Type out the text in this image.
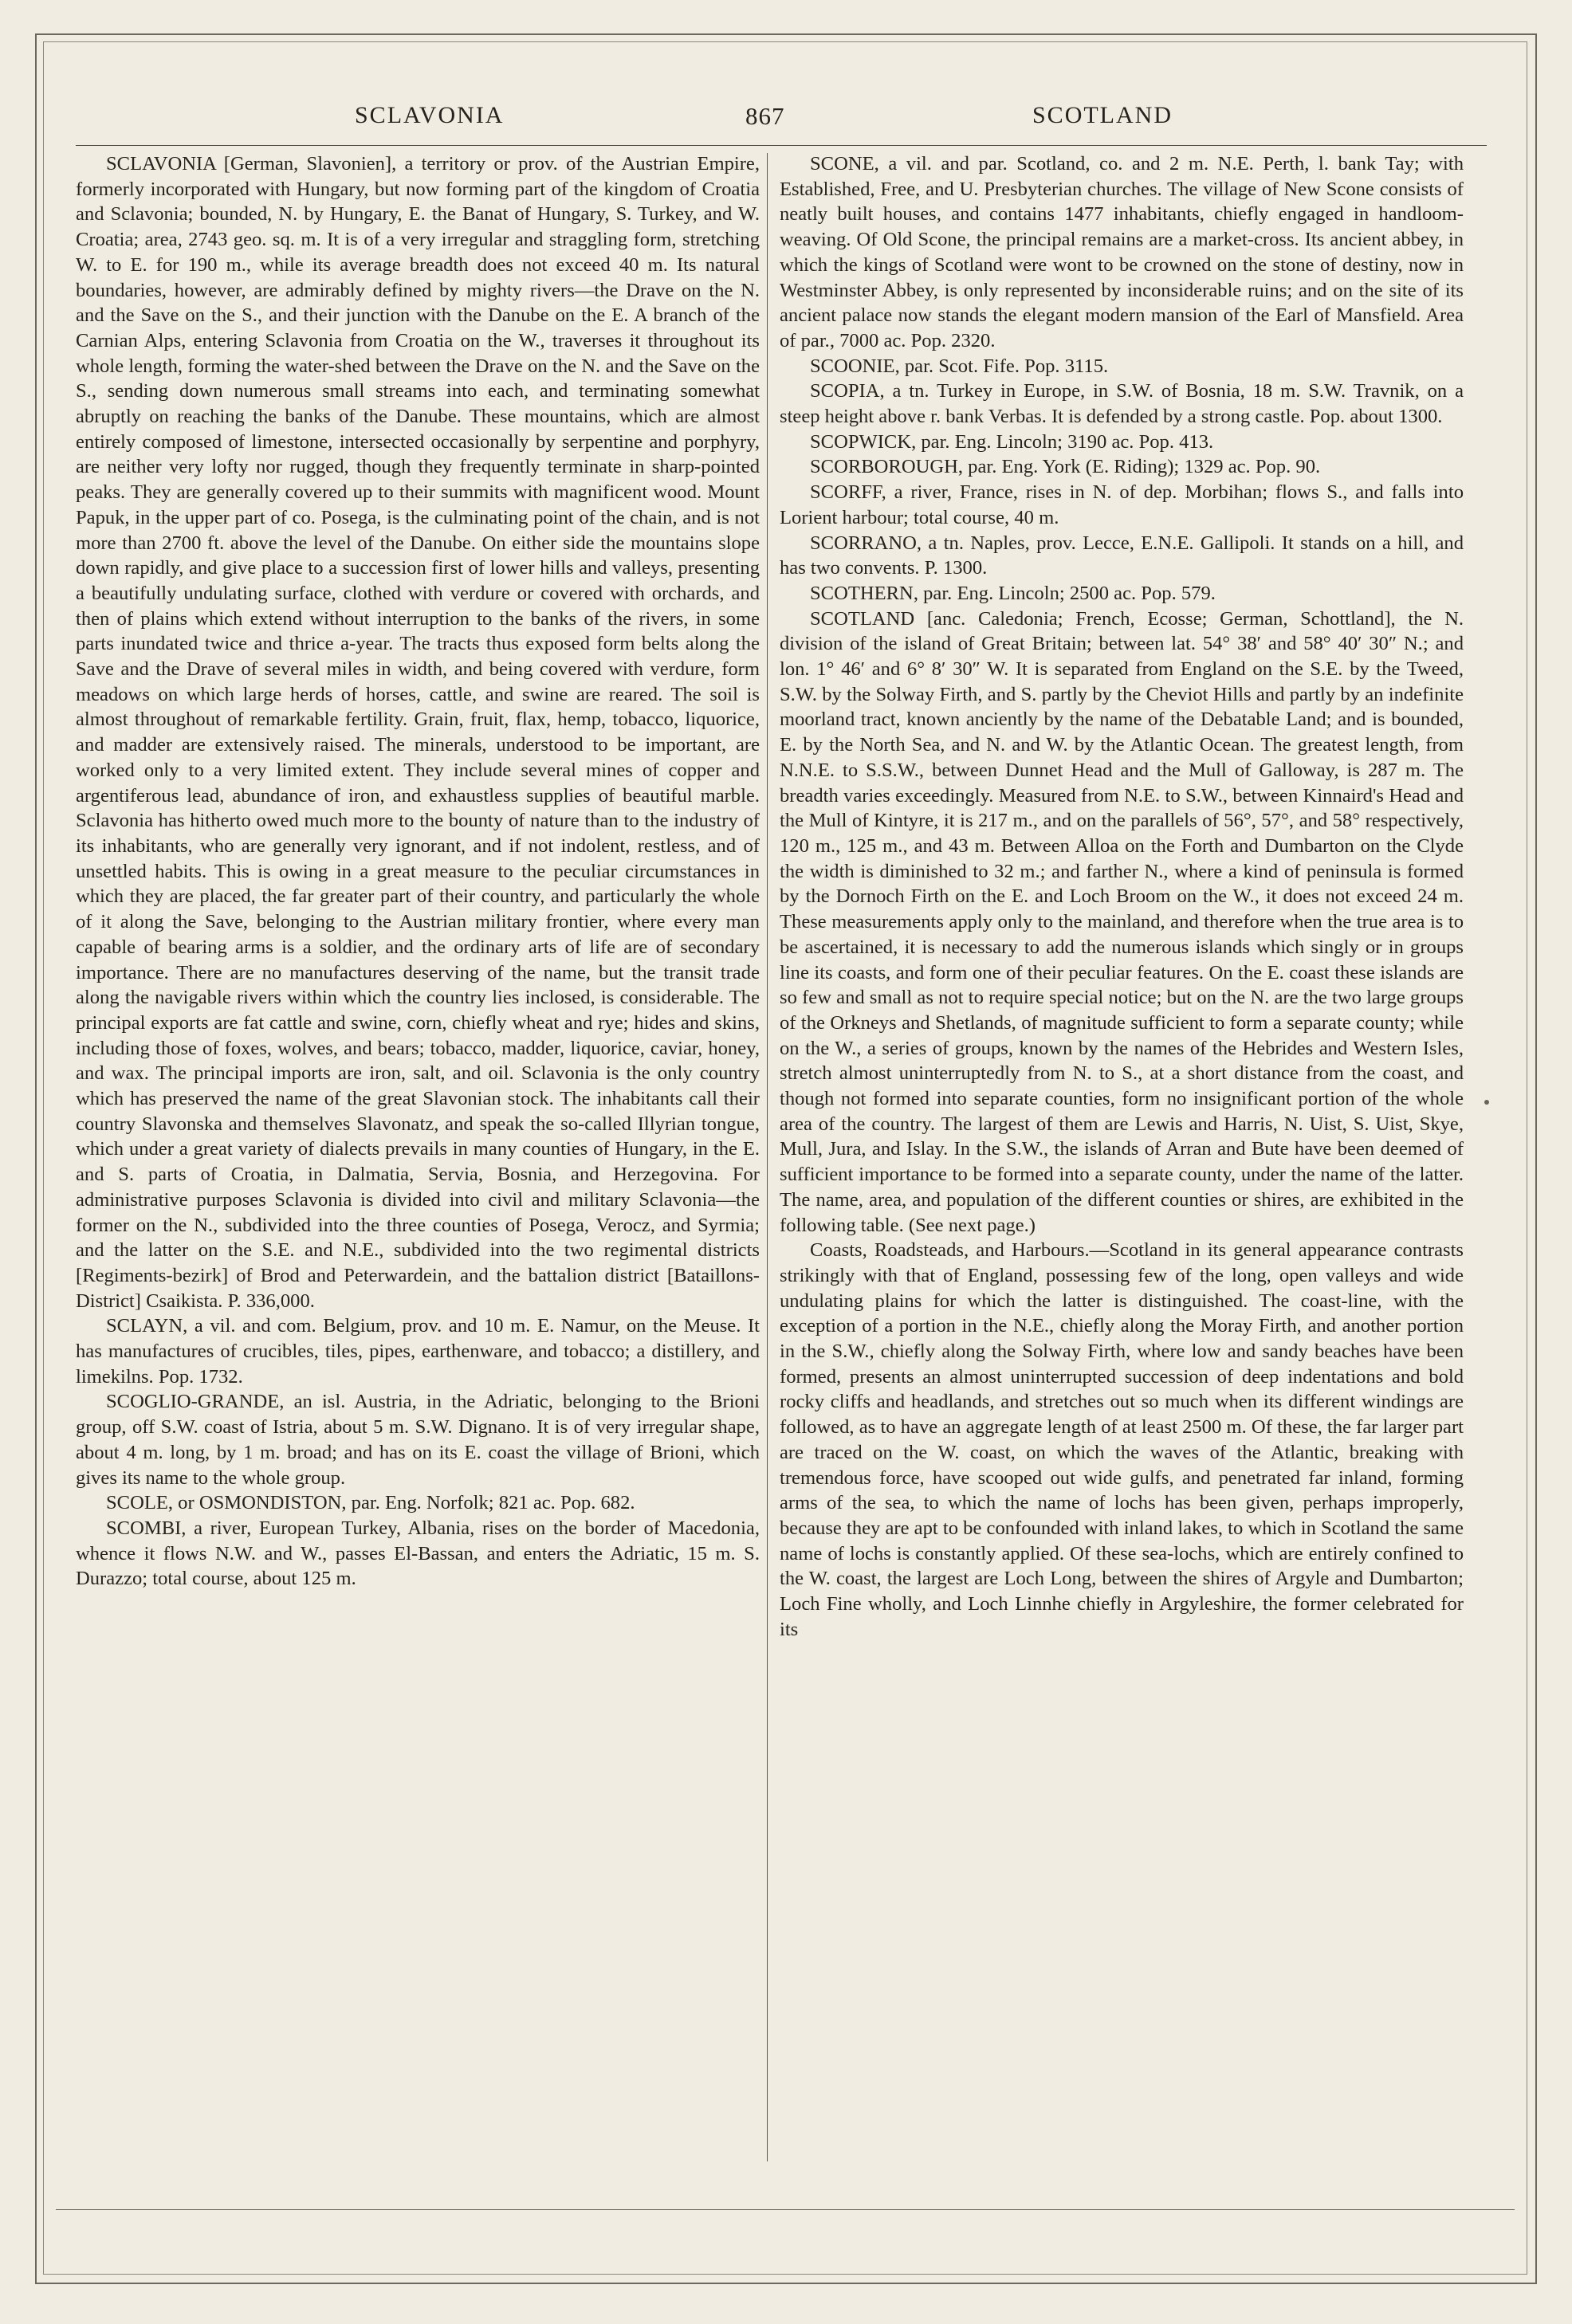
SCLAVONIA	867	SCOTLAND

SCLAVONIA [German, Slavonien], a territory or prov. of the Austrian Empire, formerly incorporated with Hungary, but now forming part of the kingdom of Croatia and Sclavonia; bounded, N. by Hungary, E. the Banat of Hungary, S. Turkey, and W. Croatia; area, 2743 geo. sq. m. It is of a very irregular and straggling form, stretching W. to E. for 190 m., while its average breadth does not exceed 40 m. Its natural boundaries, however, are admirably defined by mighty rivers—the Drave on the N. and the Save on the S., and their junction with the Danube on the E. A branch of the Carnian Alps, entering Sclavonia from Croatia on the W., traverses it throughout its whole length, forming the water-shed between the Drave on the N. and the Save on the S., sending down numerous small streams into each, and terminating somewhat abruptly on reaching the banks of the Danube. These mountains, which are almost entirely composed of limestone, intersected occasionally by serpentine and porphyry, are neither very lofty nor rugged, though they frequently terminate in sharp-pointed peaks. They are generally covered up to their summits with magnificent wood. Mount Papuk, in the upper part of co. Posega, is the culminating point of the chain, and is not more than 2700 ft. above the level of the Danube. On either side the mountains slope down rapidly, and give place to a succession first of lower hills and valleys, presenting a beautifully undulating surface, clothed with verdure or covered with orchards, and then of plains which extend without interruption to the banks of the rivers, in some parts inundated twice and thrice a-year. The tracts thus exposed form belts along the Save and the Drave of several miles in width, and being covered with verdure, form meadows on which large herds of horses, cattle, and swine are reared. The soil is almost throughout of remarkable fertility. Grain, fruit, flax, hemp, tobacco, liquorice, and madder are extensively raised. The minerals, understood to be important, are worked only to a very limited extent. They include several mines of copper and argentiferous lead, abundance of iron, and exhaustless supplies of beautiful marble. Sclavonia has hitherto owed much more to the bounty of nature than to the industry of its inhabitants, who are generally very ignorant, and if not indolent, restless, and of unsettled habits. This is owing in a great measure to the peculiar circumstances in which they are placed, the far greater part of their country, and particularly the whole of it along the Save, belonging to the Austrian military frontier, where every man capable of bearing arms is a soldier, and the ordinary arts of life are of secondary importance. There are no manufactures deserving of the name, but the transit trade along the navigable rivers within which the country lies inclosed, is considerable. The principal exports are fat cattle and swine, corn, chiefly wheat and rye; hides and skins, including those of foxes, wolves, and bears; tobacco, madder, liquorice, caviar, honey, and wax. The principal imports are iron, salt, and oil. Sclavonia is the only country which has preserved the name of the great Slavonian stock. The inhabitants call their country Slavonska and themselves Slavonatz, and speak the so-called Illyrian tongue, which under a great variety of dialects prevails in many counties of Hungary, in the E. and S. parts of Croatia, in Dalmatia, Servia, Bosnia, and Herzegovina. For administrative purposes Sclavonia is divided into civil and military Sclavonia—the former on the N., subdivided into the three counties of Posega, Verocz, and Syrmia; and the latter on the S.E. and N.E., subdivided into the two regimental districts [Regiments-bezirk] of Brod and Peterwardein, and the battalion district [Bataillons-District] Csaikista. P. 336,000.

SCLAYN, a vil. and com. Belgium, prov. and 10 m. E. Namur, on the Meuse. It has manufactures of crucibles, tiles, pipes, earthenware, and tobacco; a distillery, and limekilns. Pop. 1732.

SCOGLIO-GRANDE, an isl. Austria, in the Adriatic, belonging to the Brioni group, off S.W. coast of Istria, about 5 m. S.W. Dignano. It is of very irregular shape, about 4 m. long, by 1 m. broad; and has on its E. coast the village of Brioni, which gives its name to the whole group.

SCOLE, or OSMONDISTON, par. Eng. Norfolk; 821 ac. Pop. 682.

SCOMBI, a river, European Turkey, Albania, rises on the border of Macedonia, whence it flows N.W. and W., passes El-Bassan, and enters the Adriatic, 15 m. S. Durazzo; total course, about 125 m.

SCONE, a vil. and par. Scotland, co. and 2 m. N.E. Perth, l. bank Tay; with Established, Free, and U. Presbyterian churches. The village of New Scone consists of neatly built houses, and contains 1477 inhabitants, chiefly engaged in handloom-weaving. Of Old Scone, the principal remains are a market-cross. Its ancient abbey, in which the kings of Scotland were wont to be crowned on the stone of destiny, now in Westminster Abbey, is only represented by inconsiderable ruins; and on the site of its ancient palace now stands the elegant modern mansion of the Earl of Mansfield. Area of par., 7000 ac. Pop. 2320.

SCOONIE, par. Scot. Fife. Pop. 3115.

SCOPIA, a tn. Turkey in Europe, in S.W. of Bosnia, 18 m. S.W. Travnik, on a steep height above r. bank Verbas. It is defended by a strong castle. Pop. about 1300.

SCOPWICK, par. Eng. Lincoln; 3190 ac. Pop. 413.

SCORBOROUGH, par. Eng. York (E. Riding); 1329 ac. Pop. 90.

SCORFF, a river, France, rises in N. of dep. Morbihan; flows S., and falls into Lorient harbour; total course, 40 m.

SCORRANO, a tn. Naples, prov. Lecce, E.N.E. Gallipoli. It stands on a hill, and has two convents. P. 1300.

SCOTHERN, par. Eng. Lincoln; 2500 ac. Pop. 579.

SCOTLAND [anc. Caledonia; French, Ecosse; German, Schottland], the N. division of the island of Great Britain; between lat. 54° 38′ and 58° 40′ 30″ N.; and lon. 1° 46′ and 6° 8′ 30″ W. It is separated from England on the S.E. by the Tweed, S.W. by the Solway Firth, and S. partly by the Cheviot Hills and partly by an indefinite moorland tract, known anciently by the name of the Debatable Land; and is bounded, E. by the North Sea, and N. and W. by the Atlantic Ocean. The greatest length, from N.N.E. to S.S.W., between Dunnet Head and the Mull of Galloway, is 287 m. The breadth varies exceedingly. Measured from N.E. to S.W., between Kinnaird's Head and the Mull of Kintyre, it is 217 m., and on the parallels of 56°, 57°, and 58° respectively, 120 m., 125 m., and 43 m. Between Alloa on the Forth and Dumbarton on the Clyde the width is diminished to 32 m.; and farther N., where a kind of peninsula is formed by the Dornoch Firth on the E. and Loch Broom on the W., it does not exceed 24 m. These measurements apply only to the mainland, and therefore when the true area is to be ascertained, it is necessary to add the numerous islands which singly or in groups line its coasts, and form one of their peculiar features. On the E. coast these islands are so few and small as not to require special notice; but on the N. are the two large groups of the Orkneys and Shetlands, of magnitude sufficient to form a separate county; while on the W., a series of groups, known by the names of the Hebrides and Western Isles, stretch almost uninterruptedly from N. to S., at a short distance from the coast, and though not formed into separate counties, form no insignificant portion of the whole area of the country. The largest of them are Lewis and Harris, N. Uist, S. Uist, Skye, Mull, Jura, and Islay. In the S.W., the islands of Arran and Bute have been deemed of sufficient importance to be formed into a separate county, under the name of the latter. The name, area, and population of the different counties or shires, are exhibited in the following table. (See next page.)

Coasts, Roadsteads, and Harbours.—Scotland in its general appearance contrasts strikingly with that of England, possessing few of the long, open valleys and wide undulating plains for which the latter is distinguished. The coast-line, with the exception of a portion in the N.E., chiefly along the Moray Firth, and another portion in the S.W., chiefly along the Solway Firth, where low and sandy beaches have been formed, presents an almost uninterrupted succession of deep indentations and bold rocky cliffs and headlands, and stretches out so much when its different windings are followed, as to have an aggregate length of at least 2500 m. Of these, the far larger part are traced on the W. coast, on which the waves of the Atlantic, breaking with tremendous force, have scooped out wide gulfs, and penetrated far inland, forming arms of the sea, to which the name of lochs has been given, perhaps improperly, because they are apt to be confounded with inland lakes, to which in Scotland the same name of lochs is constantly applied. Of these sea-lochs, which are entirely confined to the W. coast, the largest are Loch Long, between the shires of Argyle and Dumbarton; Loch Fine wholly, and Loch Linnhe chiefly in Argyleshire, the former celebrated for its
